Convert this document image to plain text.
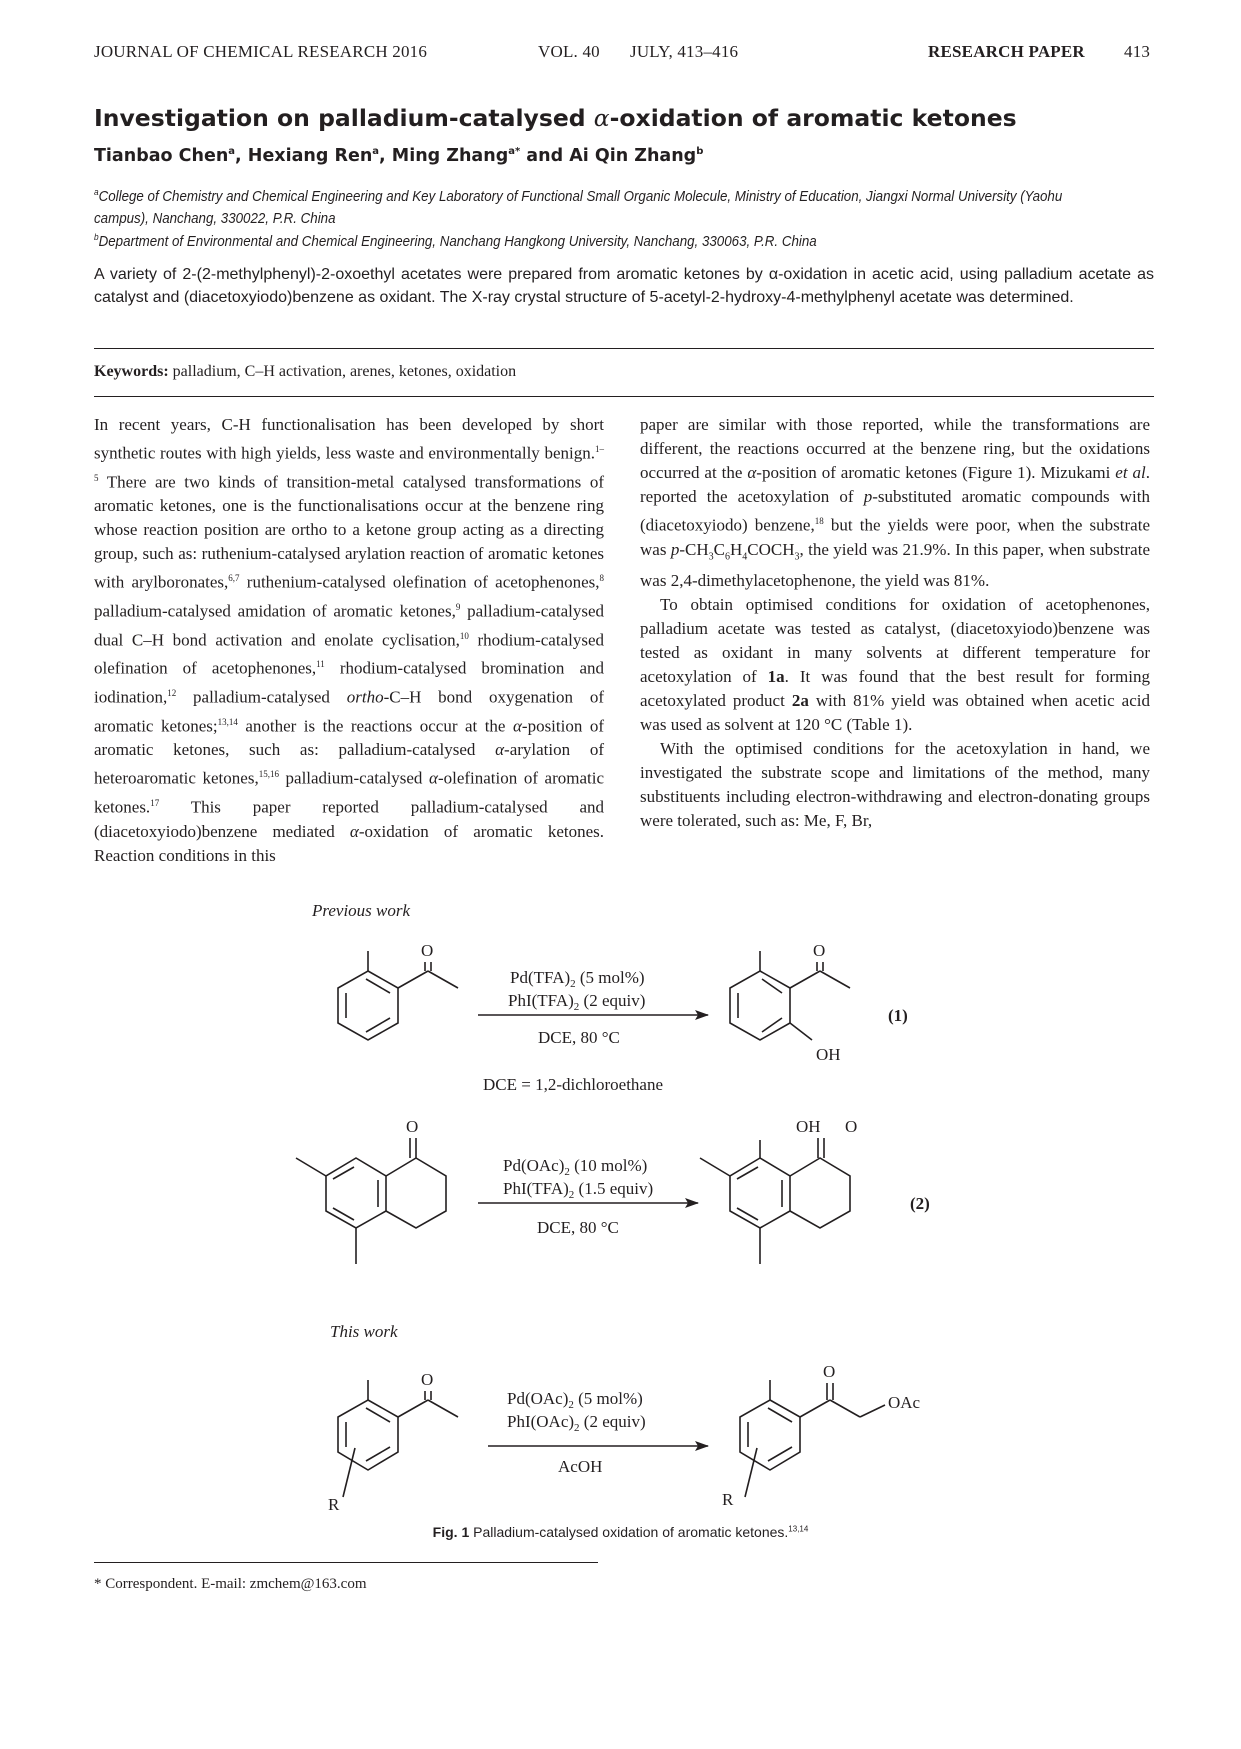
JOURNAL OF CHEMICAL RESEARCH 2016	VOL. 40 JULY, 413–416	RESEARCH PAPER 413
Investigation on palladium-catalysed α-oxidation of aromatic ketones
Tianbao Chen$^a$, Hexiang Ren$^a$, Ming Zhang$^{a*}$ and Ai Qin Zhang$^b$
$^a$College of Chemistry and Chemical Engineering and Key Laboratory of Functional Small Organic Molecule, Ministry of Education, Jiangxi Normal University (Yaohu campus), Nanchang, 330022, P.R. China
$^b$Department of Environmental and Chemical Engineering, Nanchang Hangkong University, Nanchang, 330063, P.R. China
A variety of 2-(2-methylphenyl)-2-oxoethyl acetates were prepared from aromatic ketones by α-oxidation in acetic acid, using palladium acetate as catalyst and (diacetoxyiodo)benzene as oxidant. The X-ray crystal structure of 5-acetyl-2-hydroxy-4-methylphenyl acetate was determined.
Keywords: palladium, C–H activation, arenes, ketones, oxidation

In recent years, C-H functionalisation has been developed by short synthetic routes with high yields, less waste and environmentally benign.$^{1-5}$ There are two kinds of transition-metal catalysed transformations of aromatic ketones, one is the functionalisations occur at the benzene ring whose reaction position are ortho to a ketone group acting as a directing group, such as: ruthenium-catalysed arylation reaction of aromatic ketones with arylboronates,$^{6,7}$ ruthenium-catalysed olefination of acetophenones,$^8$ palladium-catalysed amidation of aromatic ketones,$^9$ palladium-catalysed dual C–H bond activation and enolate cyclisation,$^{10}$ rhodium-catalysed olefination of acetophenones,$^{11}$ rhodium-catalysed bromination and iodination,$^{12}$ palladium-catalysed ortho-C–H bond oxygenation of aromatic ketones;$^{13,14}$ another is the reactions occur at the α-position of aromatic ketones, such as: palladium-catalysed α-arylation of heteroaromatic ketones,$^{15,16}$ palladium-catalysed α-olefination of aromatic ketones.$^{17}$ This paper reported palladium-catalysed and (diacetoxyiodo)benzene mediated α-oxidation of aromatic ketones. Reaction conditions in this

paper are similar with those reported, while the transformations are different, the reactions occurred at the benzene ring, but the oxidations occurred at the α-position of aromatic ketones (Figure 1). Mizukami et al. reported the acetoxylation of p-substituted aromatic compounds with (diacetoxyiodo) benzene,$^{18}$ but the yields were poor, when the substrate was $p-CH_3C_6H_4COCH_3$, the yield was 21.9%. In this paper, when substrate was 2,4-dimethylacetophenone, the yield was 81%.

To obtain optimised conditions for oxidation of acetophenones, palladium acetate was tested as catalyst, (diacetoxyiodo)benzene was tested as oxidant in many solvents at different temperature for acetoxylation of 1a. It was found that the best result for forming acetoxylated product 2a with 81% yield was obtained when acetic acid was used as solvent at 120 °C (Table 1).

With the optimised conditions for the acetoxylation in hand, we investigated the substrate scope and limitations of the method, many substituents including electron-withdrawing and electron-donating groups were tolerated, such as: Me, F, Br,

Previous work
This work
O	O
OH
O	OH O
O	O
OAc
R	R
$Pd(TFA)_2$ (5 mol%)
$PhI(TFA)_2$ (2 equiv)
DCE, 80 °C
(1)
DCE = 1,2-dichloroethane
$Pd(OAc)_2$ (10 mol%)
$PhI(TFA)_2$ (1.5 equiv)
DCE, 80 °C
(2)
$Pd(OAc)_2$ (5 mol%)
$PhI(OAc)_2$ (2 equiv)
AcOH
Fig. 1 Palladium-catalysed oxidation of aromatic ketones.$^{13,14}$
* Correspondent. E-mail: zmchem@163.com
